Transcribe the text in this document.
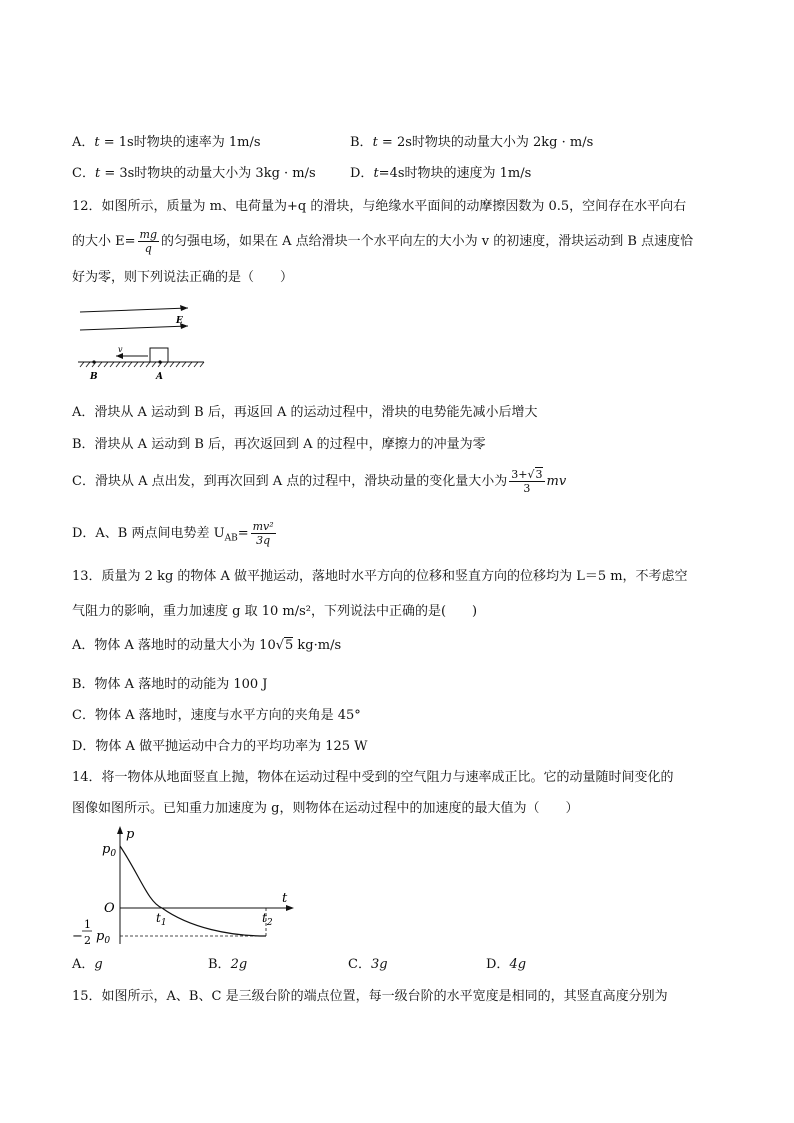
A．t = 1s时物块的速率为 1m/s	B．t = 2s时物块的动量大小为 2kg · m/s
C．t = 3s时物块的动量大小为 3kg · m/s	D．t=4s时物块的速度为 1m/s
12．如图所示，质量为 m、电荷量为+q 的滑块，与绝缘水平面间的动摩擦因数为 0.5，空间存在水平向右
的大小 $E= \frac{mg}{q}$ 的匀强电场，如果在 A 点给滑块一个水平向左的大小为 v 的初速度，滑块运动到 B 点速度恰
好为零，则下列说法正确的是（　　）
E
v
B	A
A．滑块从 A 运动到 B 后，再返回 A 的运动过程中，滑块的电势能先减小后增大
B．滑块从 A 运动到 B 后，再次返回到 A 的过程中，摩擦力的冲量为零
C．滑块从 A 点出发，到再次回到 A 点的过程中，滑块动量的变化量大小为 $\frac{3+√3}{3}$ mv
D．A、B 两点间电势差 $U_{AB}= \frac{\text{mv²}}{3q}$
13．质量为 2 kg 的物体 A 做平抛运动，落地时水平方向的位移和竖直方向的位移均为 L＝5 m，不考虑空
气阻力的影响，重力加速度 g 取 10 m/s²，下列说法中正确的是(　　)
A．物体 A 落地时的动量大小为 10√5 kg·m/s
B．物体 A 落地时的动能为 100 J
C．物体 A 落地时，速度与水平方向的夹角是 45°
D．物体 A 做平抛运动中合力的平均功率为 125 W
14．将一物体从地面竖直上抛，物体在运动过程中受到的空气阻力与速率成正比。它的动量随时间变化的
图像如图所示。已知重力加速度为 g，则物体在运动过程中的加速度的最大值为（　　）
p
t
O
$p_0$
−
1
2 $p_0$
$t_1$	$t_2$
A．g	B．2g	C．3g	D．4g
15．如图所示，A、B、C 是三级台阶的端点位置，每一级台阶的水平宽度是相同的，其竖直高度分别为
